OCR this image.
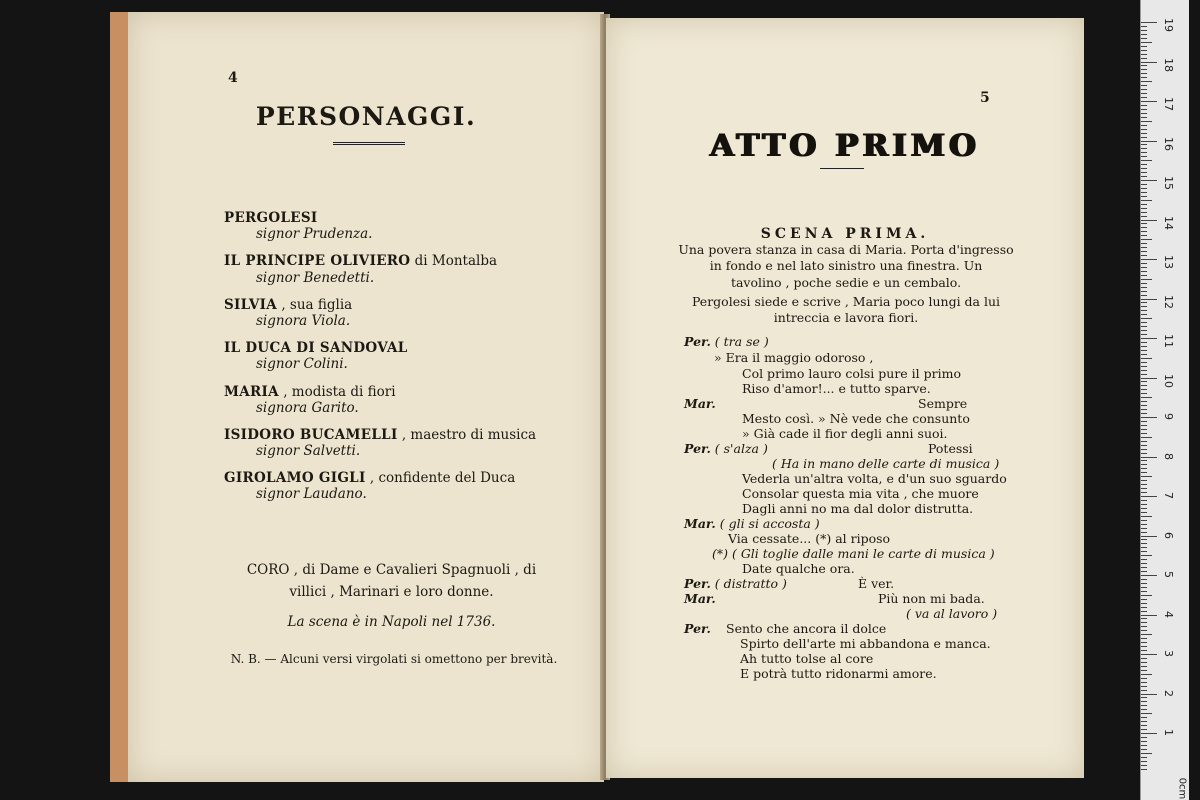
4
PERSONAGGI.
PERGOLESI
signor Prudenza.
IL PRINCIPE OLIVIERO di Montalba
signor Benedetti.
SILVIA , sua figlia
signora Viola.
IL DUCA DI SANDOVAL
signor Colini.
MARIA , modista di fiori
signora Garito.
ISIDORO BUCAMELLI , maestro di musica
signor Salvetti.
GIROLAMO GIGLI , confidente del Duca
signor Laudano.
CORO , di Dame e Cavalieri Spagnuoli , di
villici , Marinari e loro donne.
La scena è in Napoli nel 1736.
N. B. — Alcuni versi virgolati si omettono per brevità.
5
ATTO PRIMO
SCENA PRIMA.
Una povera stanza in casa di Maria. Porta d'ingresso
in fondo e nel lato sinistro una finestra. Un
tavolino , poche sedie e un cembalo.
Pergolesi siede e scrive , Maria poco lungi da lui
intreccia e lavora fiori.
Per. ( tra se )
» Era il maggio odoroso ,
Col primo lauro colsi pure il primo
Riso d'amor!... e tutto sparve.
Mar.	Sempre
Mesto così. » Nè vede che consunto
» Già cade il fior degli anni suoi.
Per. ( s'alza )	Potessi
( Ha in mano delle carte di musica )
Vederla un'altra volta, e d'un suo sguardo
Consolar questa mia vita , che muore
Dagli anni no ma dal dolor distrutta.
Mar. ( gli si accosta )
Via cessate... (*) al riposo
(*) ( Gli toglie dalle mani le carte di musica )
Date qualche ora.
Per. ( distratto )	È ver.
Mar.	Più non mi bada.
( va al lavoro )
Per. Sento che ancora il dolce
Spirto dell'arte mi abbandona e manca.
Ah tutto tolse al core
E potrà tutto ridonarmi amore.
0cm
19
18
17
16
15
14
13
12
11
10
9
8
7
6
5
4
3
2
1
